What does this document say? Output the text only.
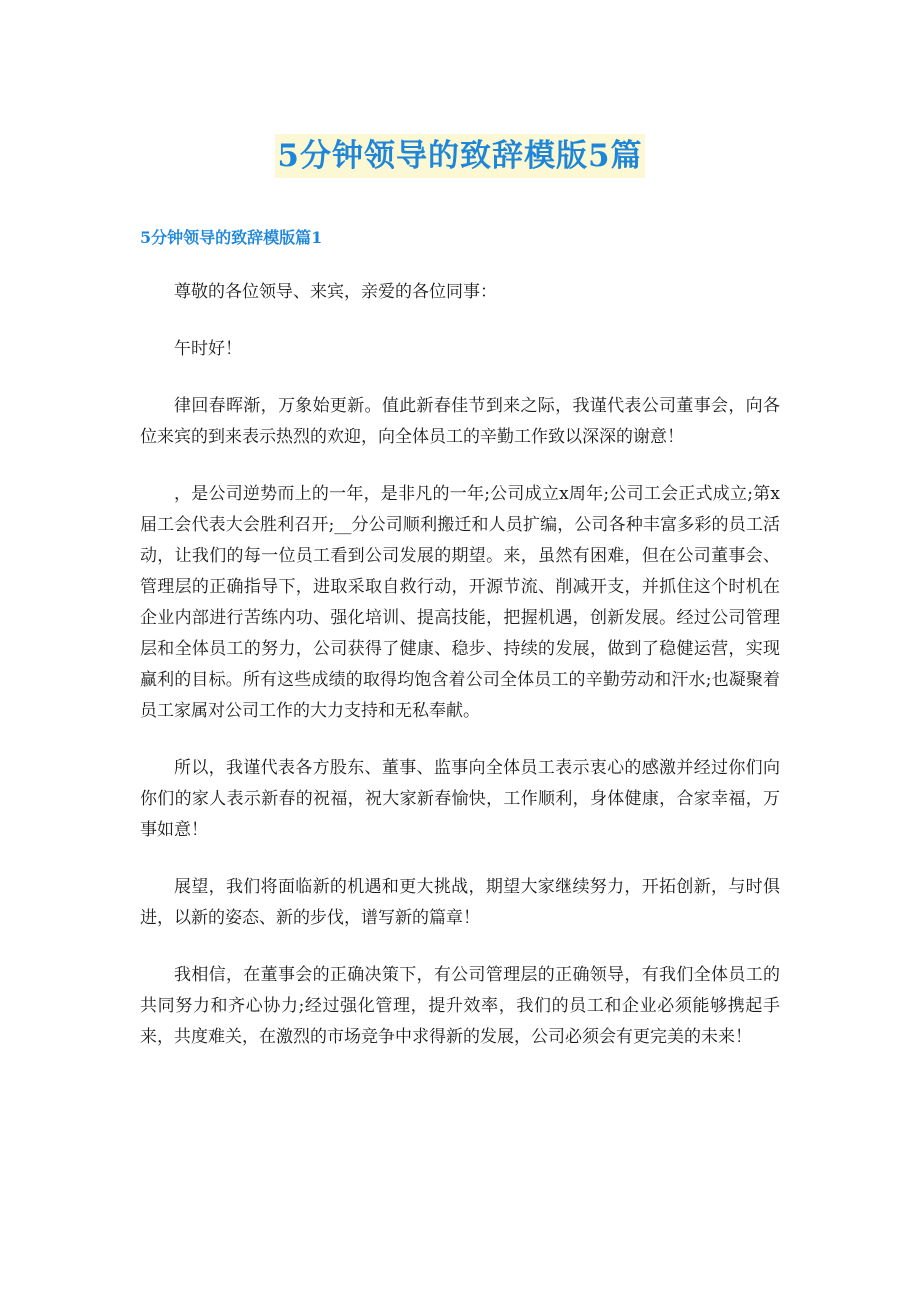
5分钟领导的致辞模版5篇
5分钟领导的致辞模版篇1

尊敬的各位领导、来宾，亲爱的各位同事：

午时好！

律回春晖渐，万象始更新。值此新春佳节到来之际，我谨代表公司董事会，向各位来宾的到来表示热烈的欢迎，向全体员工的辛勤工作致以深深的谢意！

，是公司逆势而上的一年，是非凡的一年;公司成立x周年;公司工会正式成立;第x届工会代表大会胜利召开;__分公司顺利搬迁和人员扩编，公司各种丰富多彩的员工活动，让我们的每一位员工看到公司发展的期望。来，虽然有困难，但在公司董事会、管理层的正确指导下，进取采取自救行动，开源节流、削减开支，并抓住这个时机在企业内部进行苦练内功、强化培训、提高技能，把握机遇，创新发展。经过公司管理层和全体员工的努力，公司获得了健康、稳步、持续的发展，做到了稳健运营，实现赢利的目标。所有这些成绩的取得均饱含着公司全体员工的辛勤劳动和汗水;也凝聚着员工家属对公司工作的大力支持和无私奉献。

所以，我谨代表各方股东、董事、监事向全体员工表示衷心的感激并经过你们向你们的家人表示新春的祝福，祝大家新春愉快，工作顺利，身体健康，合家幸福，万事如意！

展望，我们将面临新的机遇和更大挑战，期望大家继续努力，开拓创新，与时俱进，以新的姿态、新的步伐，谱写新的篇章！

我相信，在董事会的正确决策下，有公司管理层的正确领导，有我们全体员工的共同努力和齐心协力;经过强化管理，提升效率，我们的员工和企业必须能够携起手来，共度难关，在激烈的市场竞争中求得新的发展，公司必须会有更完美的未来！
